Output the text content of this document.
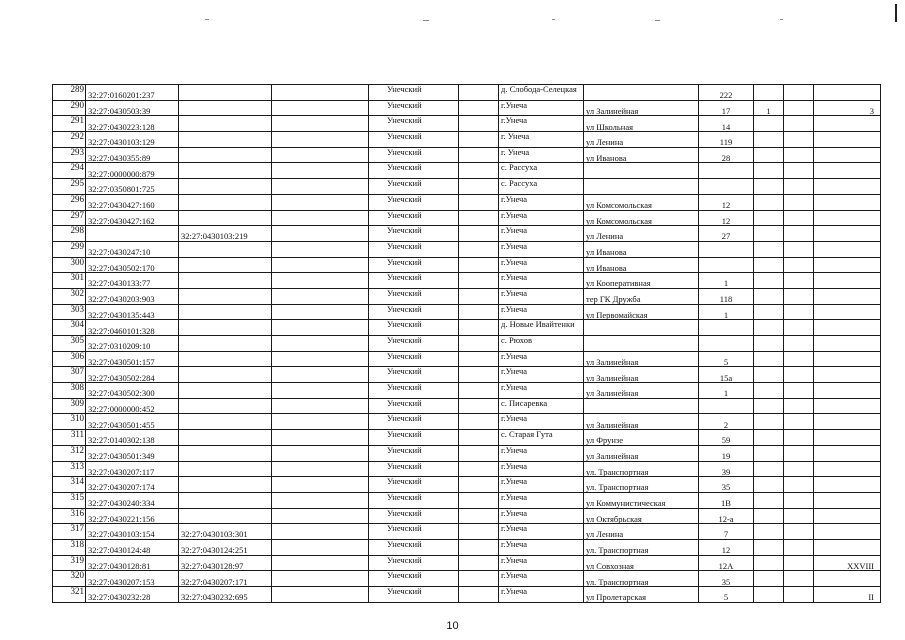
289	32:27:0160201:237			Унечский		д. Слобода-Селецкая		222			
290	32:27:0430503:39			Унечский		г.Унеча	ул Залинейная	17	1		3
291	32:27:0430223:128			Унечский		г.Унеча	ул Школьная	14			
292	32:27:0430103:129			Унечский		г. Унеча	ул Ленина	119			
293	32:27:0430355:89			Унечский		г. Унеча	ул Иванова	28			
294	32:27:0000000:879			Унечский		с. Рассуха					
295	32:27:0350801:725			Унечский		с. Рассуха					
296	32:27:0430427:160			Унечский		г.Унеча	ул Комсомольская	12			
297	32:27:0430427:162			Унечский		г.Унеча	ул Комсомольская	12			
298		32:27:0430103:219		Унечский		г.Унеча	ул Ленина	27			
299	32:27:0430247:10			Унечский		г.Унеча	ул Иванова				
300	32:27:0430502:170			Унечский		г.Унеча	ул Иванова				
301	32:27:0430133:77			Унечский		г.Унеча	ул Кооперативная	1			
302	32:27:0430203:903			Унечский		г.Унеча	тер ГК Дружба	118			
303	32:27:0430135:443			Унечский		г.Унеча	ул Первомайская	1			
304	32:27:0460101:328			Унечский		д. Новые Ивайтенки					
305	32:27:0310209:10			Унечский		с. Рюхов					
306	32:27:0430501:157			Унечский		г.Унеча	ул Залинейная	5			
307	32:27:0430502:284			Унечский		г.Унеча	ул Залинейная	15а			
308	32:27:0430502:300			Унечский		г.Унеча	ул Залинейная	1			
309	32:27:0000000:452			Унечский		с. Писаревка					
310	32:27:0430501:455			Унечский		г.Унеча	ул Залинейная	2			
311	32:27:0140302:138			Унечский		с. Старая Гута	ул Фрунзе	59			
312	32:27:0430501:349			Унечский		г.Унеча	ул Залинейная	19			
313	32:27:0430207:117			Унечский		г.Унеча	ул. Транспортная	39			
314	32:27:0430207:174			Унечский		г.Унеча	ул. Транспортная	35			
315	32:27:0430240:334			Унечский		г.Унеча	ул Коммунистическая	1В			
316	32:27:0430221:156			Унечский		г.Унеча	ул Октябрьская	12-а			
317	32:27:0430103:154	32:27:0430103:301		Унечский		г.Унеча	ул Ленина	7			
318	32:27:0430124:48	32:27:0430124:251		Унечский		г.Унеча	ул. Транспортная	12			
319	32:27:0430128:81	32:27:0430128:97		Унечский		г.Унеча	ул Совхозная	12А			XXVIII
320	32:27:0430207:153	32:27:0430207:171		Унечский		г.Унеча	ул. Транспортная	35			
321	32:27:0430232:28	32:27:0430232:695		Унечский		г.Унеча	ул Пролетарская	5			II
10
